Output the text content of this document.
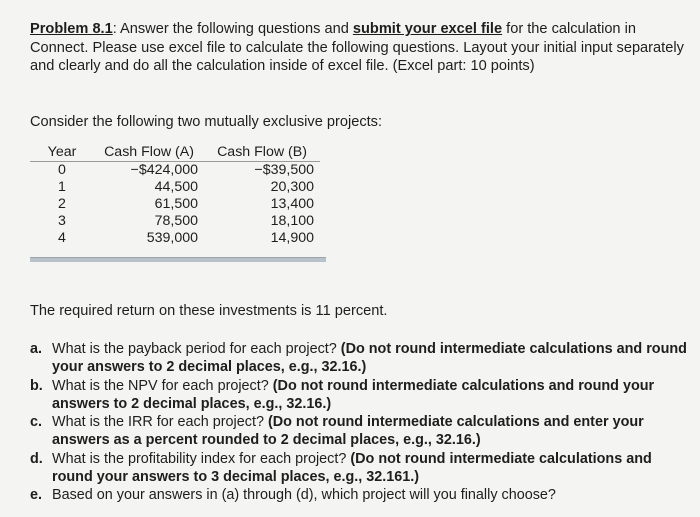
Problem 8.1: Answer the following questions and submit your excel file for the calculation in Connect. Please use excel file to calculate the following questions. Layout your initial input separately and clearly and do all the calculation inside of excel file. (Excel part: 10 points)
Consider the following two mutually exclusive projects:
Year	Cash Flow (A)	Cash Flow (B)
0	−$424,000	−$39,500
1	44,500	20,300
2	61,500	13,400
3	78,500	18,100
4	539,000	14,900
The required return on these investments is 11 percent.
a. What is the payback period for each project? (Do not round intermediate calculations and round your answers to 2 decimal places, e.g., 32.16.)
b. What is the NPV for each project? (Do not round intermediate calculations and round your answers to 2 decimal places, e.g., 32.16.)
c. What is the IRR for each project? (Do not round intermediate calculations and enter your answers as a percent rounded to 2 decimal places, e.g., 32.16.)
d. What is the profitability index for each project? (Do not round intermediate calculations and round your answers to 3 decimal places, e.g., 32.161.)
e. Based on your answers in (a) through (d), which project will you finally choose?
